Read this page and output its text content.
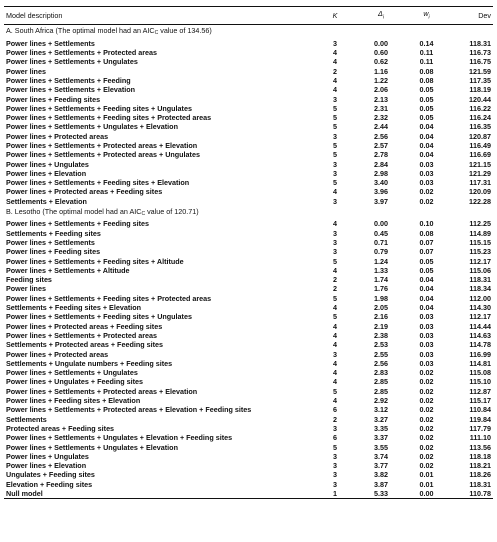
Model description	K	$\Delta_i$	$w_i$	Dev
A. South Africa (The optimal model had an $AIC_C$ value of 134.56)				
Power lines + Settlements	3	0.00	0.14	118.31
Power lines + Settlements + Protected areas	4	0.60	0.11	116.73
Power lines + Settlements + Ungulates	4	0.62	0.11	116.75
Power lines	2	1.16	0.08	121.59
Power lines + Settlements + Feeding	4	1.22	0.08	117.35
Power lines + Settlements + Elevation	4	2.06	0.05	118.19
Power lines + Feeding sites	3	2.13	0.05	120.44
Power lines + Settlements + Feeding sites + Ungulates	5	2.31	0.05	116.22
Power lines + Settlements + Feeding sites + Protected areas	5	2.32	0.05	116.24
Power lines + Settlements + Ungulates + Elevation	5	2.44	0.04	116.35
Power lines + Protected areas	3	2.56	0.04	120.87
Power lines + Settlements + Protected areas + Elevation	5	2.57	0.04	116.49
Power lines + Settlements + Protected areas + Ungulates	5	2.78	0.04	116.69
Power lines + Ungulates	3	2.84	0.03	121.15
Power lines + Elevation	3	2.98	0.03	121.29
Power lines + Settlements + Feeding sites + Elevation	5	3.40	0.03	117.31
Power lines + Protected areas + Feeding sites	4	3.96	0.02	120.09
Settlements + Elevation	3	3.97	0.02	122.28
B. Lesotho (The optimal model had an $AIC_C$ value of 120.71)				
Power lines + Settlements + Feeding sites	4	0.00	0.10	112.25
Settlements + Feeding sites	3	0.45	0.08	114.89
Power lines + Settlements	3	0.71	0.07	115.15
Power lines + Feeding sites	3	0.79	0.07	115.23
Power lines + Settlements + Feeding sites + Altitude	5	1.24	0.05	112.17
Power lines + Settlements + Altitude	4	1.33	0.05	115.06
Feeding sites	2	1.74	0.04	118.31
Power lines	2	1.76	0.04	118.34
Power lines + Settlements + Feeding sites + Protected areas	5	1.98	0.04	112.00
Settlements + Feeding sites + Elevation	4	2.05	0.04	114.30
Power lines + Settlements + Feeding sites + Ungulates	5	2.16	0.03	112.17
Power lines + Protected areas + Feeding sites	4	2.19	0.03	114.44
Power lines + Settlements + Protected areas	4	2.38	0.03	114.63
Settlements + Protected areas + Feeding sites	4	2.53	0.03	114.78
Power lines + Protected areas	3	2.55	0.03	116.99
Settlements + Ungulate numbers + Feeding sites	4	2.56	0.03	114.81
Power lines + Settlements + Ungulates	4	2.83	0.02	115.08
Power lines + Ungulates + Feeding sites	4	2.85	0.02	115.10
Power lines + Settlements + Protected areas + Elevation	5	2.85	0.02	112.87
Power lines + Feeding sites + Elevation	4	2.92	0.02	115.17
Power lines + Settlements + Protected areas + Elevation + Feeding sites	6	3.12	0.02	110.84
Settlements	2	3.27	0.02	119.84
Protected areas + Feeding sites	3	3.35	0.02	117.79
Power lines + Settlements + Ungulates + Elevation + Feeding sites	6	3.37	0.02	111.10
Power lines + Settlements + Ungulates + Elevation	5	3.55	0.02	113.56
Power lines + Ungulates	3	3.74	0.02	118.18
Power lines + Elevation	3	3.77	0.02	118.21
Ungulates + Feeding sites	3	3.82	0.01	118.26
Elevation + Feeding sites	3	3.87	0.01	118.31
Null model	1	5.33	0.00	110.78
